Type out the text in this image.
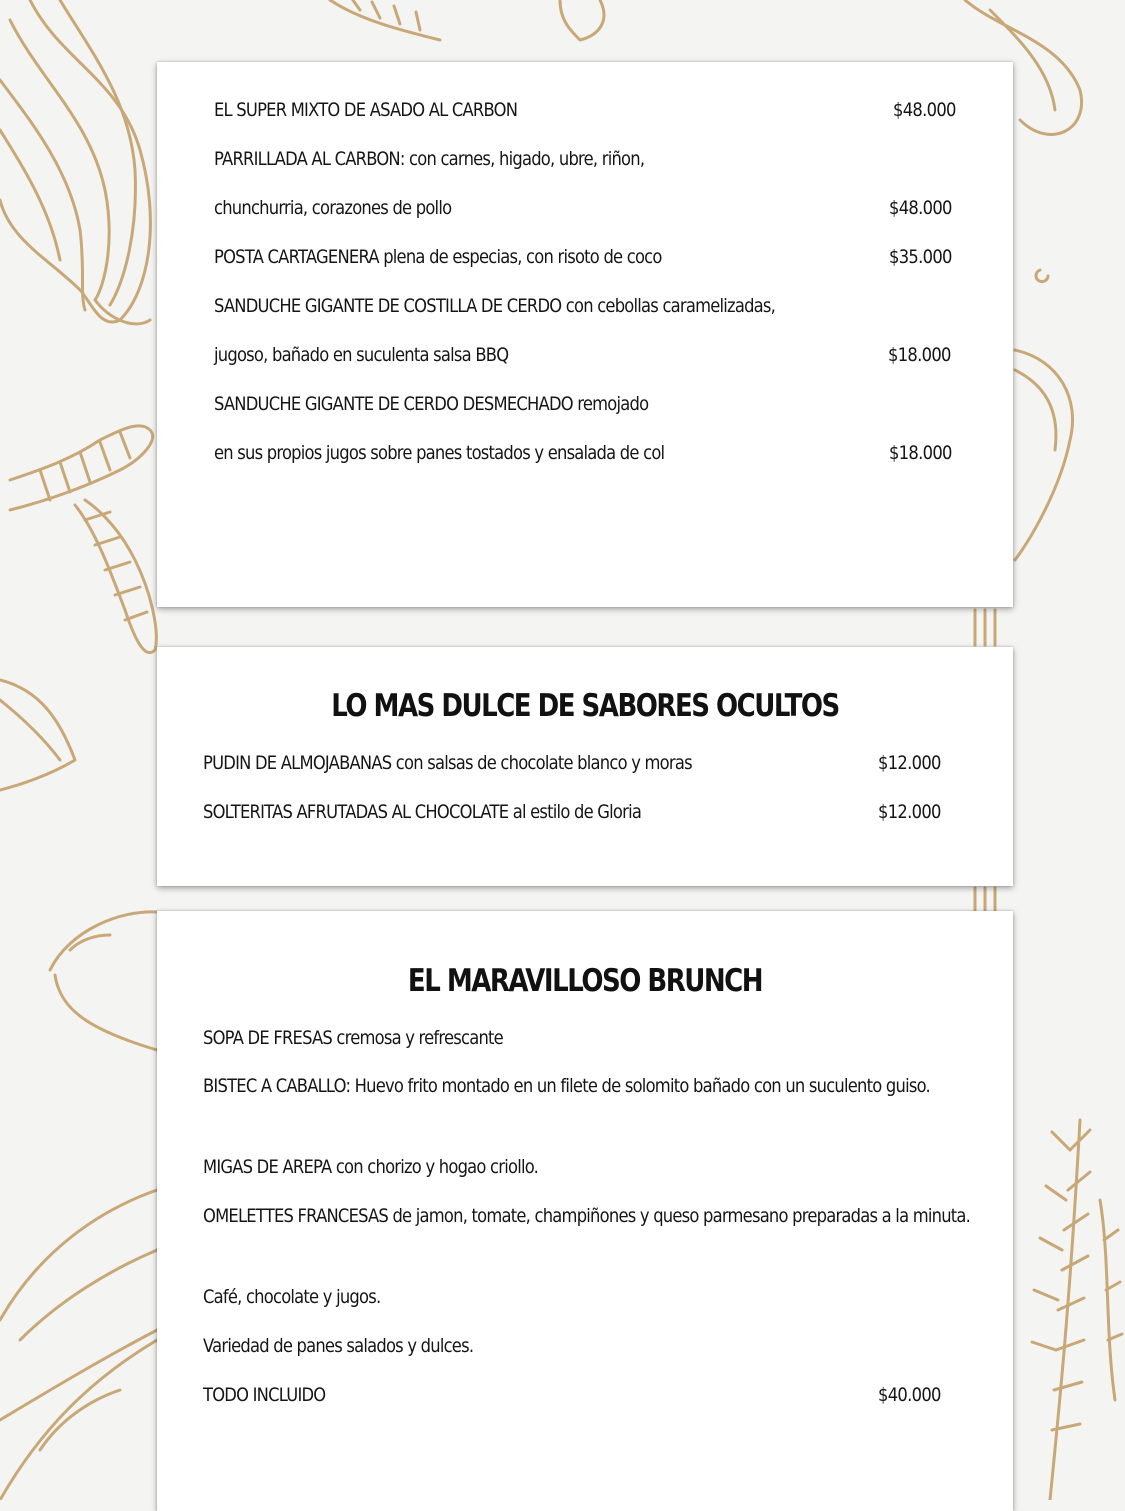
EL SUPER MIXTO DE ASADO AL CARBON	$48.000

PARRILLADA AL CARBON: con carnes, higado, ubre, riñon,

chunchurria, corazones de pollo	$48.000

POSTA CARTAGENERA plena de especias, con risoto de coco	$35.000

SANDUCHE GIGANTE DE COSTILLA DE CERDO con cebollas caramelizadas,

jugoso, bañado en suculenta salsa BBQ	$18.000

SANDUCHE GIGANTE DE CERDO DESMECHADO remojado

en sus propios jugos sobre panes tostados y ensalada de col	$18.000
LO MAS DULCE DE SABORES OCULTOS

PUDIN DE ALMOJABANAS con salsas de chocolate blanco y moras	$12.000

SOLTERITAS AFRUTADAS AL CHOCOLATE al estilo de Gloria	$12.000
EL MARAVILLOSO BRUNCH

SOPA DE FRESAS cremosa y refrescante

BISTEC A CABALLO: Huevo frito montado en un filete de solomito bañado con un suculento guiso.

MIGAS DE AREPA con chorizo y hogao criollo.

OMELETTES FRANCESAS de jamon, tomate, champiñones y queso parmesano preparadas a la minuta.

Café, chocolate y jugos.

Variedad de panes salados y dulces.

TODO INCLUIDO	$40.000
